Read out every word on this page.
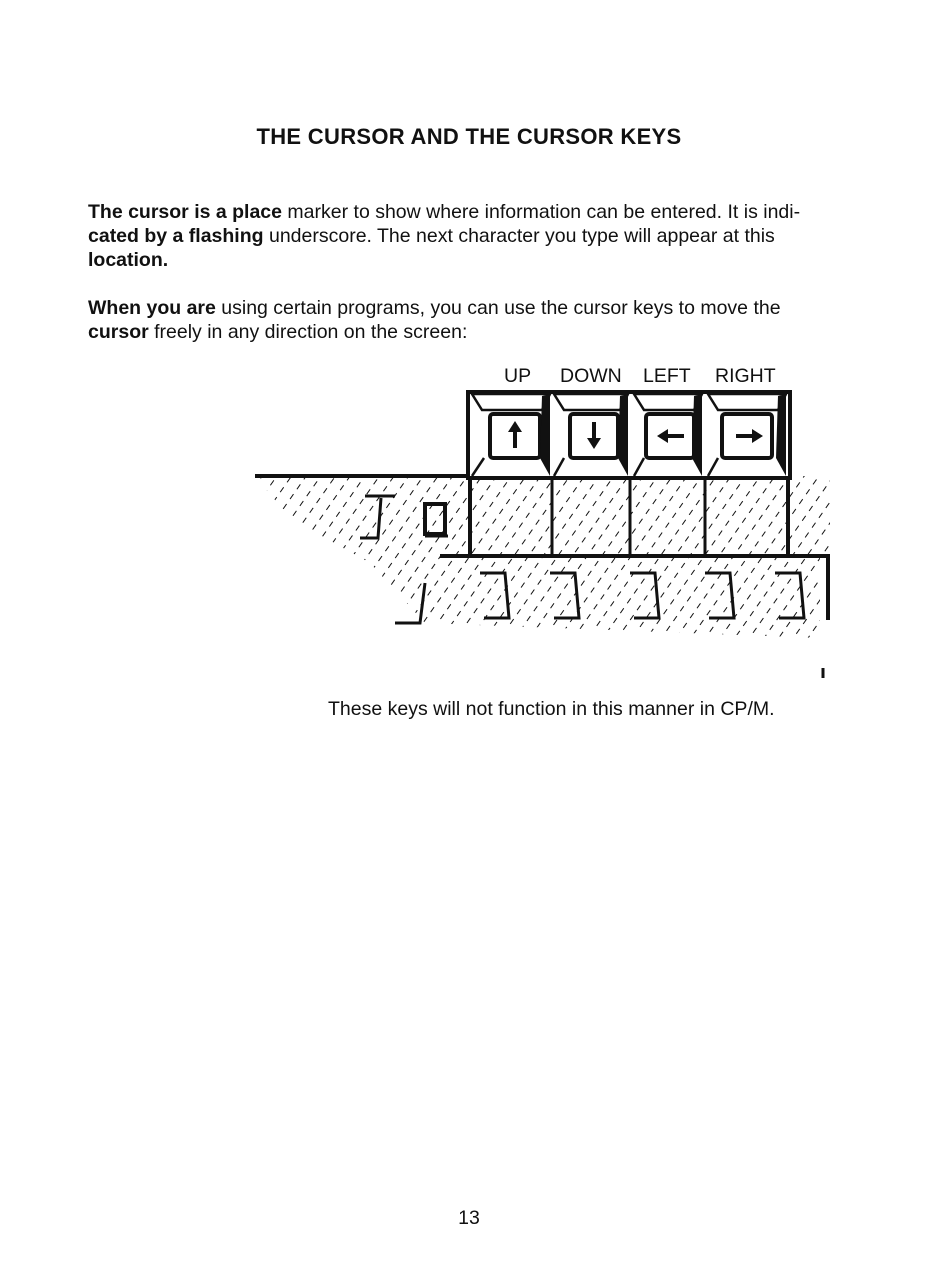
THE CURSOR AND THE CURSOR KEYS

The cursor is a place marker to show where information can be entered. It is indi-
cated by a flashing underscore. The next character you type will appear at this
location.

When you are using certain programs, you can use the cursor keys to move the
cursor freely in any direction on the screen:

UP DOWN LEFT RIGHT
These keys will not function in this manner in CP/M.
13
